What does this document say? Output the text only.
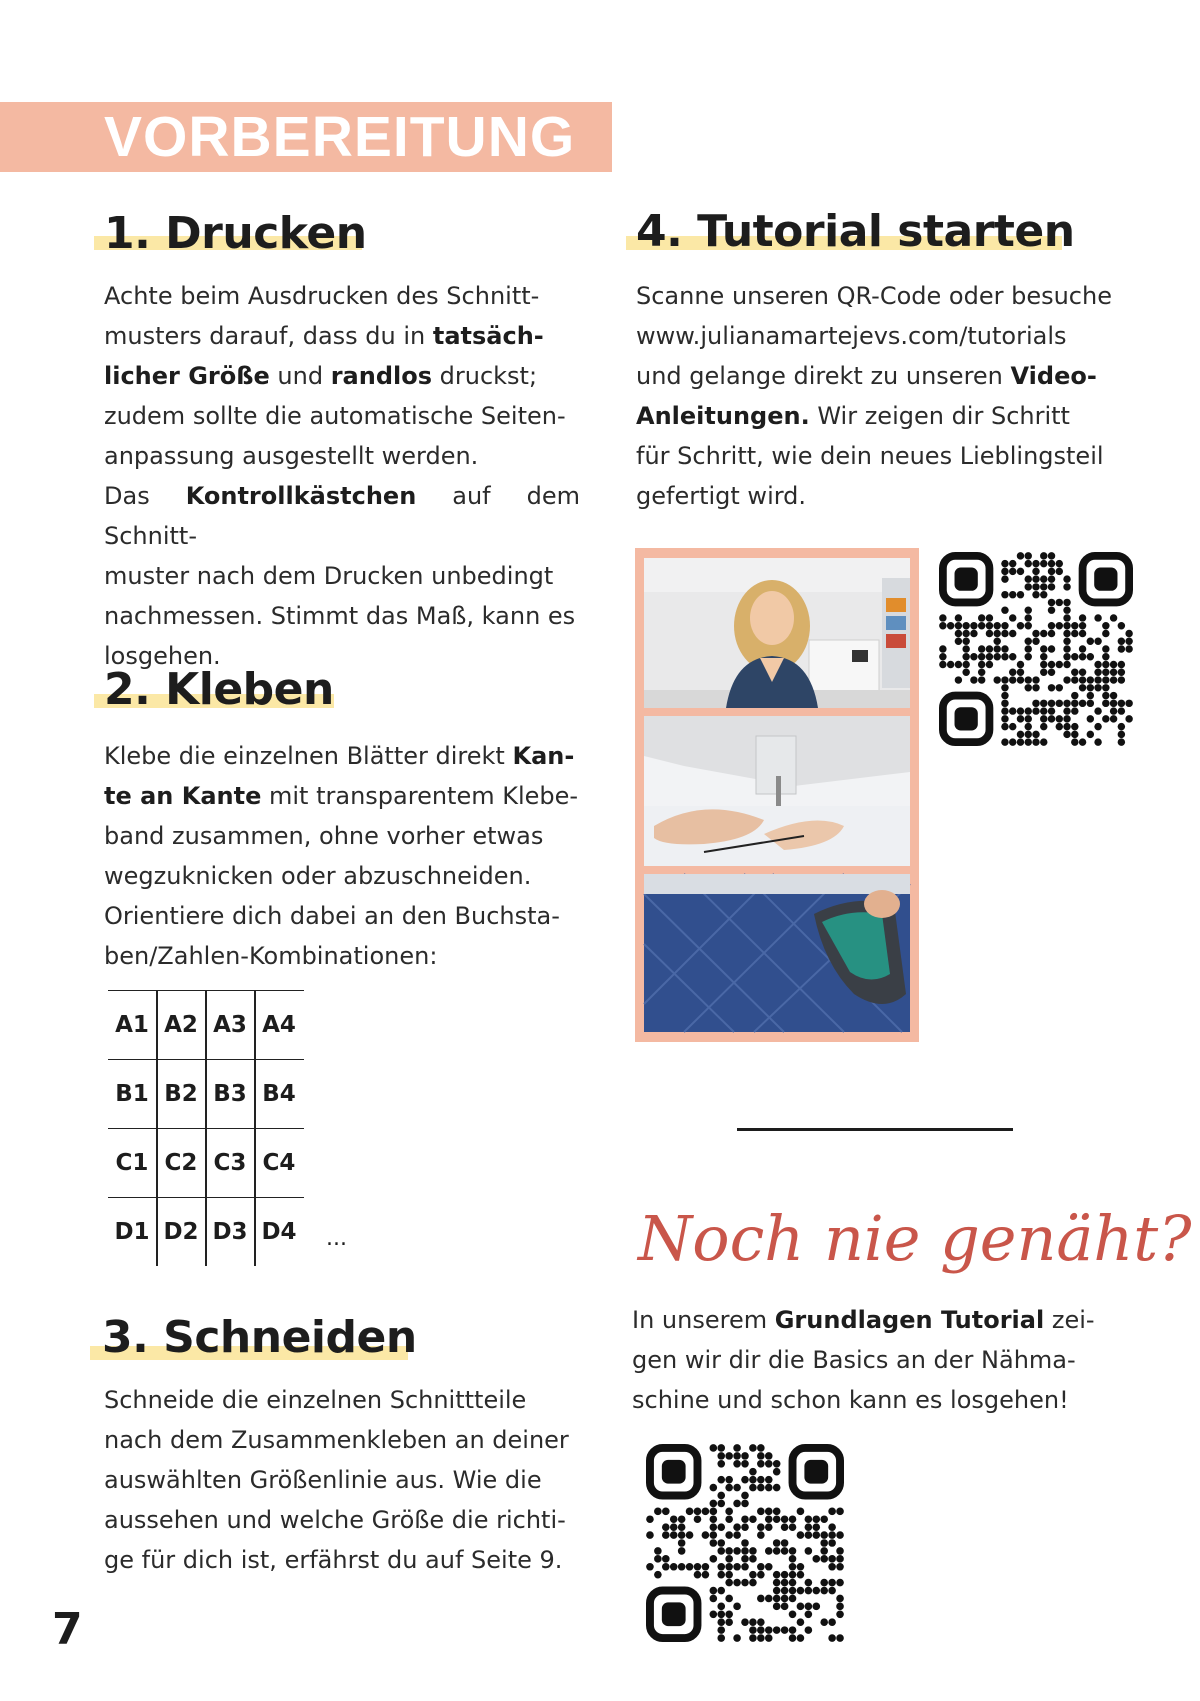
VORBEREITUNG
1. Drucken
Achte beim Ausdrucken des Schnitt-
musters darauf, dass du in tatsäch-
licher Größe und randlos druckst;
zudem sollte die automatische Seiten-
anpassung ausgestellt werden.
Das Kontrollkästchen auf dem Schnitt-
muster nach dem Drucken unbedingt
nachmessen. Stimmt das Maß, kann es
losgehen.
2. Kleben
Klebe die einzelnen Blätter direkt Kan-
te an Kante mit transparentem Klebe-
band zusammen, ohne vorher etwas
wegzuknicken oder abzuschneiden.
Orientiere dich dabei an den Buchsta-
ben/Zahlen-Kombinationen:
A1 A2 A3 A4
B1 B2 B3 B4
C1 C2 C3 C4
D1 D2 D3 D4 ...
3. Schneiden
Schneide die einzelnen Schnittteile
nach dem Zusammenkleben an deiner
auswählten Größenlinie aus. Wie die
aussehen und welche Größe die richti-
ge für dich ist, erfährst du auf Seite 9.
4. Tutorial starten
Scanne unseren QR-Code oder besuche
www.julianamartejevs.com/tutorials
und gelange direkt zu unseren Video-
Anleitungen. Wir zeigen dir Schritt
für Schritt, wie dein neues Lieblingsteil
gefertigt wird.
Noch nie genäht?
In unserem Grundlagen Tutorial zei-
gen wir dir die Basics an der Nähma-
schine und schon kann es losgehen!
7
